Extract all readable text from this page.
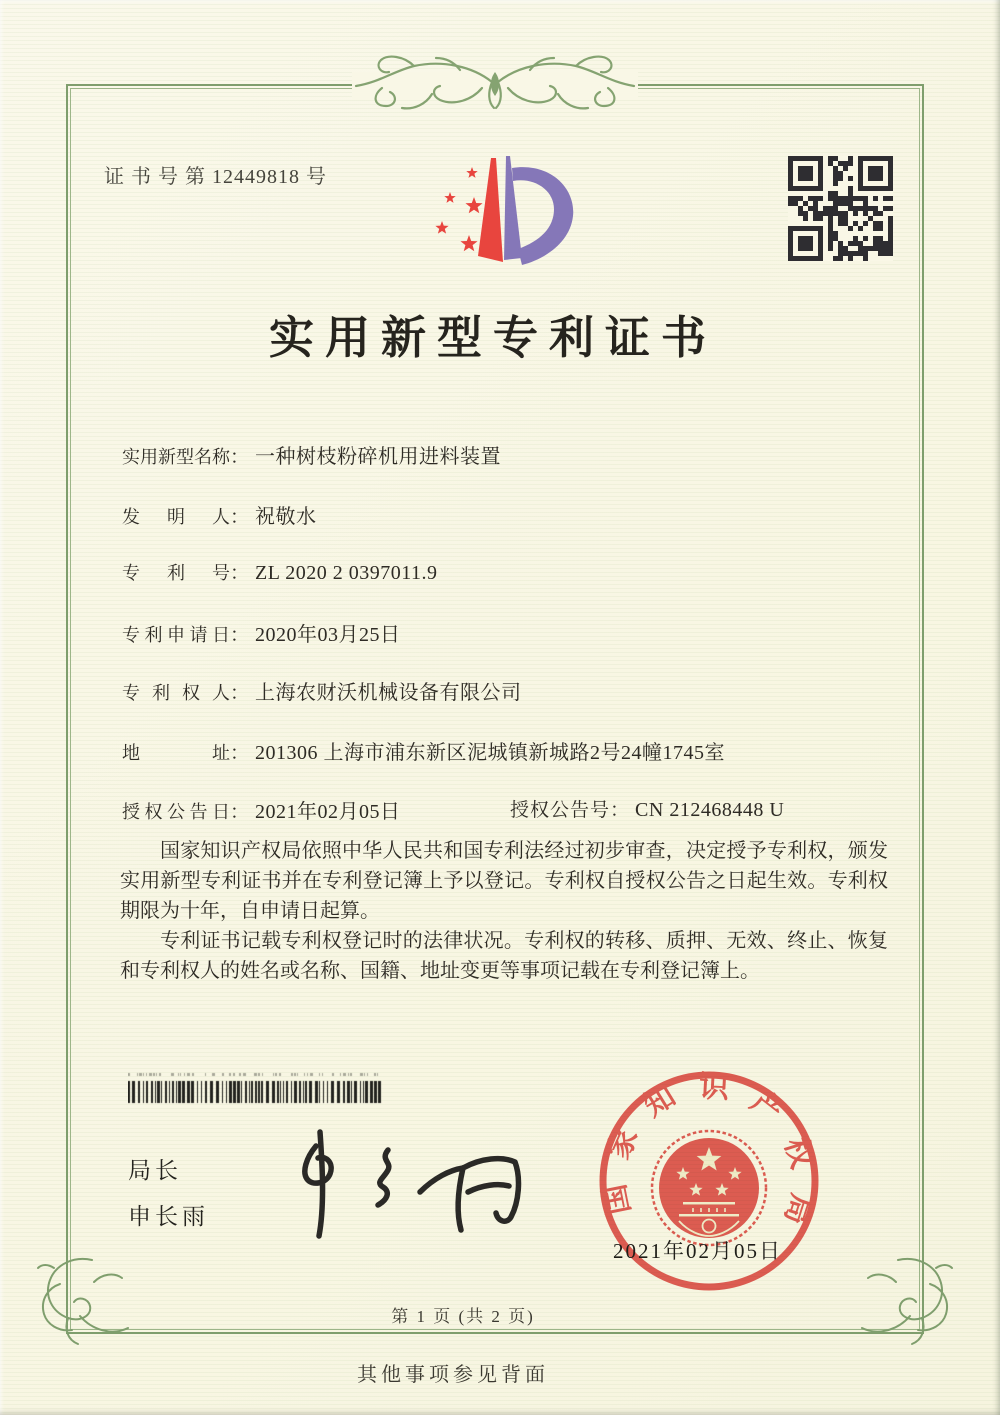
证 书 号 第 12449818 号
实用新型专利证书
实用新型名称： 一种树枝粉碎机用进料装置
发明人： 祝敬水
专利号： ZL 2020 2 0397011.9
专利申请日： 2020年03月25日
专利权人： 上海农财沃机械设备有限公司
地址： 201306 上海市浦东新区泥城镇新城路2号24幢1745室
授权公告日： 2021年02月05日	授权公告号： CN 212468448 U

国家知识产权局依照中华人民共和国专利法经过初步审查，决定授予专利权，颁发实用新型专利证书并在专利登记簿上予以登记。专利权自授权公告之日起生效。专利权期限为十年，自申请日起算。

专利证书记载专利权登记时的法律状况。专利权的转移、质押、无效、终止、恢复和专利权人的姓名或名称、国籍、地址变更等事项记载在专利登记簿上。

局长
申长雨	国家知识产权局
2021年02月05日
第 1 页 (共 2 页)
其他事项参见背面
